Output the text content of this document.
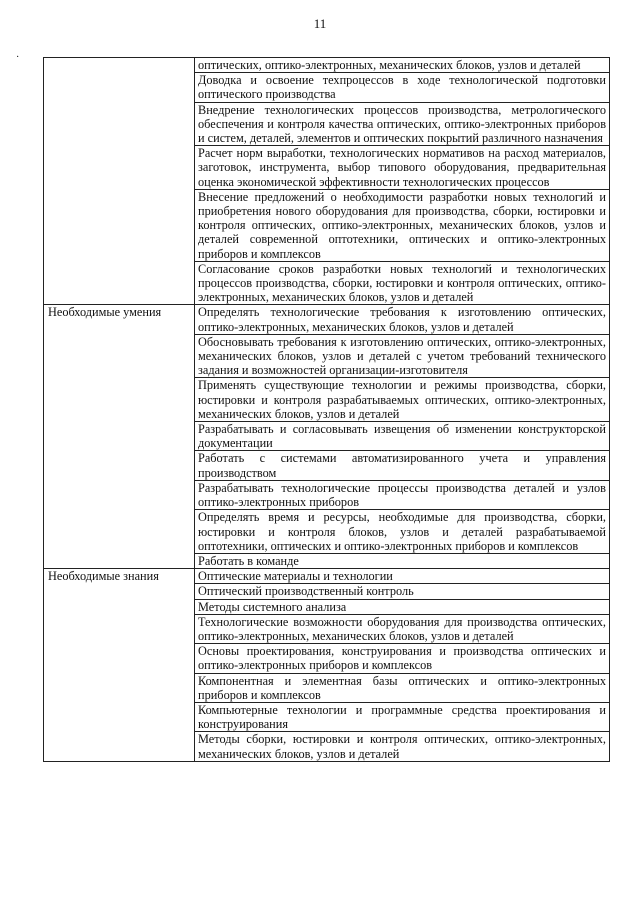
11
·
	оптических, оптико-электронных, механических блоков, узлов и деталей
	Доводка и освоение техпроцессов в ходе технологической подготовки оптического производства
	Внедрение технологических процессов производства, метрологического обеспечения и контроля качества оптических, оптико-электронных приборов и систем, деталей, элементов и оптических покрытий различного назначения
	Расчет норм выработки, технологических нормативов на расход материалов, заготовок, инструмента, выбор типового оборудования, предварительная оценка экономической эффективности технологических процессов
	Внесение предложений о необходимости разработки новых технологий и приобретения нового оборудования для производства, сборки, юстировки и контроля оптических, оптико-электронных, механических блоков, узлов и деталей современной оптотехники, оптических и оптико-электронных приборов и комплексов
	Согласование сроков разработки новых технологий и технологических процессов производства, сборки, юстировки и контроля оптических, оптико-электронных, механических блоков, узлов и деталей
Необходимые умения	Определять технологические требования к изготовлению оптических, оптико-электронных, механических блоков, узлов и деталей
	Обосновывать требования к изготовлению оптических, оптико-электронных, механических блоков, узлов и деталей с учетом требований технического задания и возможностей организации-изготовителя
	Применять существующие технологии и режимы производства, сборки, юстировки и контроля разрабатываемых оптических, оптико-электронных, механических блоков, узлов и деталей
	Разрабатывать и согласовывать извещения об изменении конструкторской документации
	Работать с системами автоматизированного учета и управления производством
	Разрабатывать технологические процессы производства деталей и узлов оптико-электронных приборов
	Определять время и ресурсы, необходимые для производства, сборки, юстировки и контроля блоков, узлов и деталей разрабатываемой оптотехники, оптических и оптико-электронных приборов и комплексов
	Работать в команде
Необходимые знания	Оптические материалы и технологии
	Оптический производственный контроль
	Методы системного анализа
	Технологические возможности оборудования для производства оптических, оптико-электронных, механических блоков, узлов и деталей
	Основы проектирования, конструирования и производства оптических и оптико-электронных приборов и комплексов
	Компонентная и элементная базы оптических и оптико-электронных приборов и комплексов
	Компьютерные технологии и программные средства проектирования и конструирования
	Методы сборки, юстировки и контроля оптических, оптико-электронных, механических блоков, узлов и деталей
